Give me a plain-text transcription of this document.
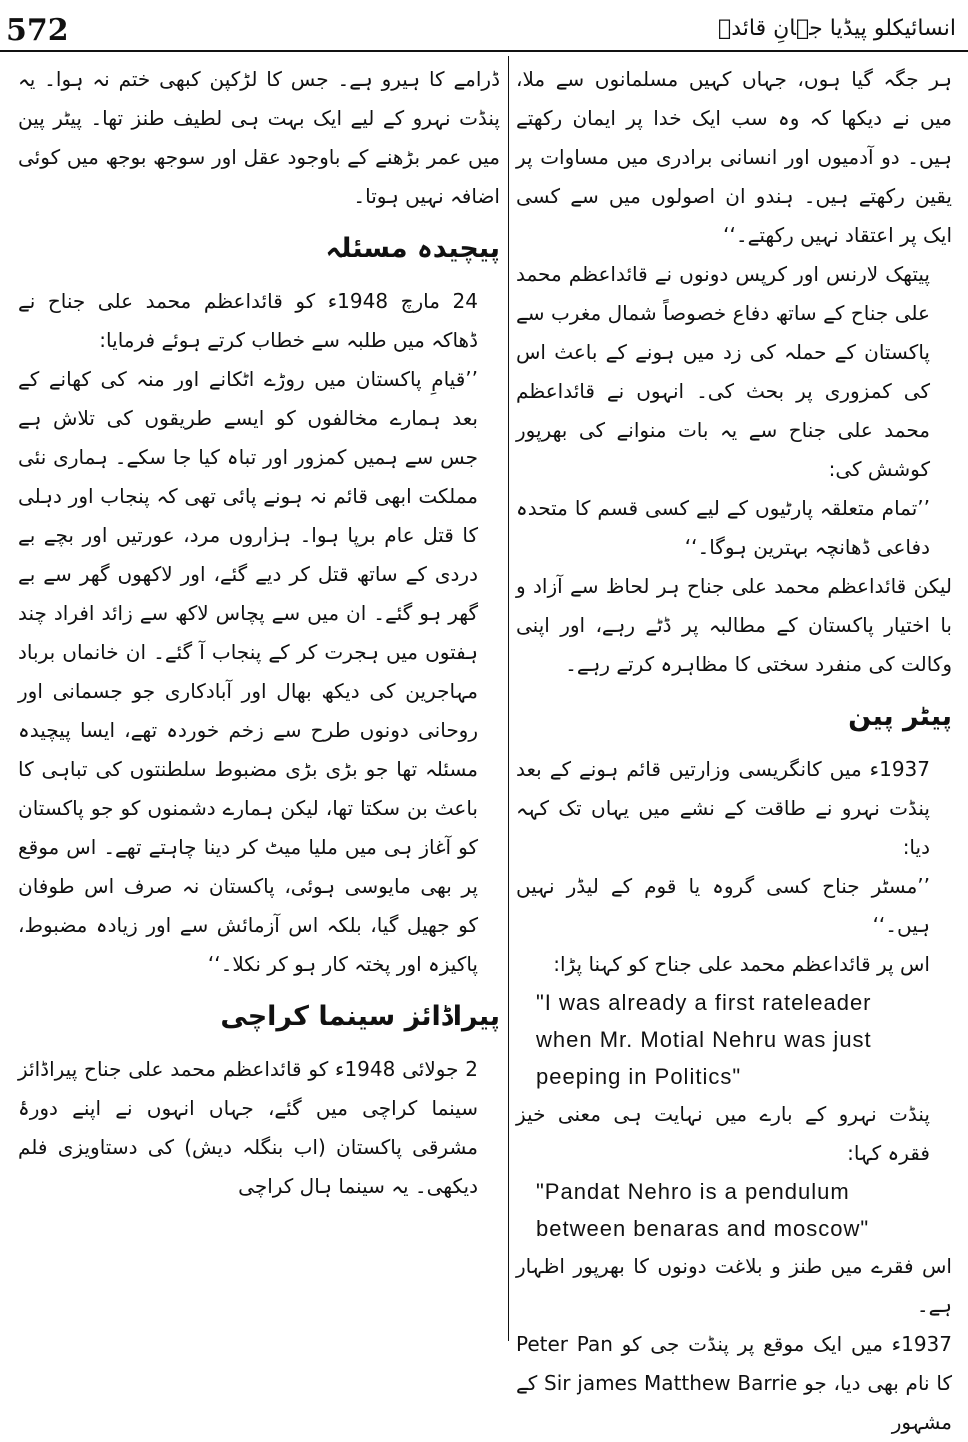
572	انسائیکلو پیڈیا جہانِ قائدؒ

ہر جگہ گیا ہوں، جہاں کہیں مسلمانوں سے ملا، میں نے دیکھا کہ وہ سب ایک خدا پر ایمان رکھتے ہیں۔ دو آدمیوں اور انسانی برادری میں مساوات پر یقین رکھتے ہیں۔ ہندو ان اصولوں میں سے کسی ایک پر اعتقاد نہیں رکھتے۔‘‘

پیتھک لارنس اور کرپس دونوں نے قائداعظم محمد علی جناح کے ساتھ دفاع خصوصاً شمال مغرب سے پاکستان کے حملہ کی زد میں ہونے کے باعث اس کی کمزوری پر بحث کی۔ انہوں نے قائداعظم محمد علی جناح سے یہ بات منوانے کی بھرپور کوشش کی:

’’تمام متعلقہ پارٹیوں کے لیے کسی قسم کا متحدہ دفاعی ڈھانچہ بہترین ہوگا۔‘‘

لیکن قائداعظم محمد علی جناح ہر لحاظ سے آزاد و با اختیار پاکستان کے مطالبہ پر ڈٹے رہے، اور اپنی وکالت کی منفرد سختی کا مظاہرہ کرتے رہے۔

پیٹر پین

1937ء میں کانگریسی وزارتیں قائم ہونے کے بعد پنڈت نہرو نے طاقت کے نشے میں یہاں تک کہہ دیا:

’’مسٹر جناح کسی گروہ یا قوم کے لیڈر نہیں ہیں۔‘‘

اس پر قائداعظم محمد علی جناح کو کہنا پڑا:

"I was already a first rateleader
when Mr. Motial Nehru was just
peeping in Politics"

پنڈت نہرو کے بارے میں نہایت ہی معنی خیز فقرہ کہا:

"Pandat Nehro is a pendulum
between benaras and moscow"

اس فقرے میں طنز و بلاغت دونوں کا بھرپور اظہار ہے۔

1937ء میں ایک موقع پر پنڈت جی کو Peter Pan کا نام بھی دیا، جو Sir james Matthew Barrie کے مشہور

ڈرامے کا ہیرو ہے۔ جس کا لڑکپن کبھی ختم نہ ہوا۔ یہ پنڈت نہرو کے لیے ایک بہت ہی لطیف طنز تھا۔ پیٹر پین میں عمر بڑھنے کے باوجود عقل اور سوجھ بوجھ میں کوئی اضافہ نہیں ہوتا۔

پیچیدہ مسئلہ

24 مارچ 1948ء کو قائداعظم محمد علی جناح نے ڈھاکہ میں طلبہ سے خطاب کرتے ہوئے فرمایا:

’’قیامِ پاکستان میں روڑے اٹکانے اور منہ کی کھانے کے بعد ہمارے مخالفوں کو ایسے طریقوں کی تلاش ہے جس سے ہمیں کمزور اور تباہ کیا جا سکے۔ ہماری نئی مملکت ابھی قائم نہ ہونے پائی تھی کہ پنجاب اور دہلی کا قتل عام برپا ہوا۔ ہزاروں مرد، عورتیں اور بچے بے دردی کے ساتھ قتل کر دیے گئے، اور لاکھوں گھر سے بے گھر ہو گئے۔ ان میں سے پچاس لاکھ سے زائد افراد چند ہفتوں میں ہجرت کر کے پنجاب آ گئے۔ ان خانماں برباد مہاجرین کی دیکھ بھال اور آبادکاری جو جسمانی اور روحانی دونوں طرح سے زخم خوردہ تھے، ایسا پیچیدہ مسئلہ تھا جو بڑی بڑی مضبوط سلطنتوں کی تباہی کا باعث بن سکتا تھا، لیکن ہمارے دشمنوں کو جو پاکستان کو آغاز ہی میں ملیا میٹ کر دینا چاہتے تھے۔ اس موقع پر بھی مایوسی ہوئی، پاکستان نہ صرف اس طوفان کو جھیل گیا، بلکہ اس آزمائش سے اور زیادہ مضبوط، پاکیزہ اور پختہ کار ہو کر نکلا۔‘‘

پیراڈائز سینما کراچی

2 جولائی 1948ء کو قائداعظم محمد علی جناح پیراڈائز سینما کراچی میں گئے، جہاں انہوں نے اپنے دورۂ مشرقی پاکستان (اب بنگلہ دیش) کی دستاویزی فلم دیکھی۔ یہ سینما ہال کراچی
